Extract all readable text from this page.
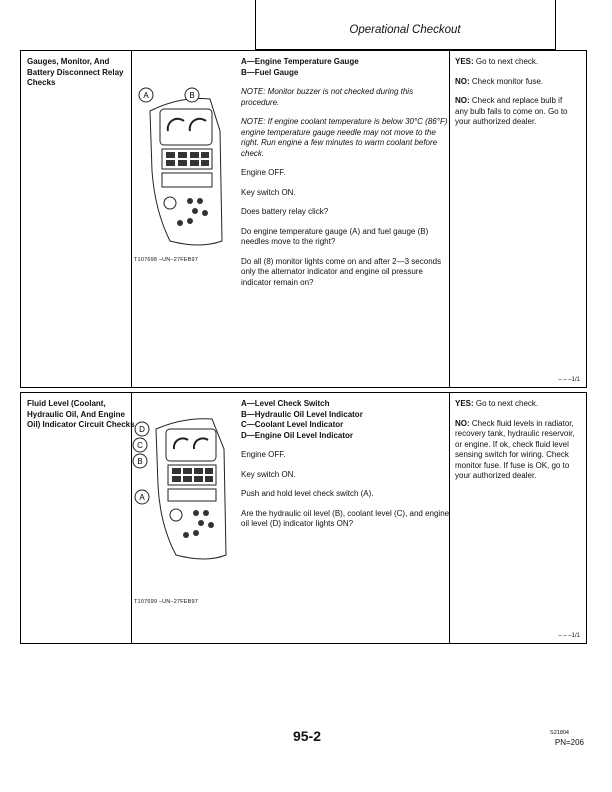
Operational Checkout
Gauges, Monitor, And Battery Disconnect Relay Checks
A	B
T107698 –UN–27FEB97

A—Engine Temperature Gauge
B—Fuel Gauge

NOTE: Monitor buzzer is not checked during this procedure.

NOTE: If engine coolant temperature is below 30°C (86°F) engine temperature gauge needle may not move to the right. Run engine a few minutes to warm coolant before check.

Engine OFF.

Key switch ON.

Does battery relay click?

Do engine temperature gauge (A) and fuel gauge (B) needles move to the right?

Do all (8) monitor lights come on and after 2—3 seconds only the alternator indicator and engine oil pressure indicator remain on?

YES: Go to next check.

NO: Check monitor fuse.

NO: Check and replace bulb if any bulb fails to come on. Go to your authorized dealer.

– – –1/1
Fluid Level (Coolant, Hydraulic Oil, And Engine Oil) Indicator Circuit Checks
D
C
B
A
T107699 –UN–27FEB97

A—Level Check Switch
B—Hydraulic Oil Level Indicator
C—Coolant Level Indicator
D—Engine Oil Level Indicator

Engine OFF.

Key switch ON.

Push and hold level check switch (A).

Are the hydraulic oil level (B), coolant level (C), and engine oil level (D) indicator lights ON?

YES: Go to next check.

NO: Check fluid levels in radiator, recovery tank, hydraulic reservoir, or engine. If ok, check fluid level sensing switch for wiring. Check monitor fuse. If fuse is OK, go to your authorized dealer.

– – –1/1
95-2	S21804
PN=206
